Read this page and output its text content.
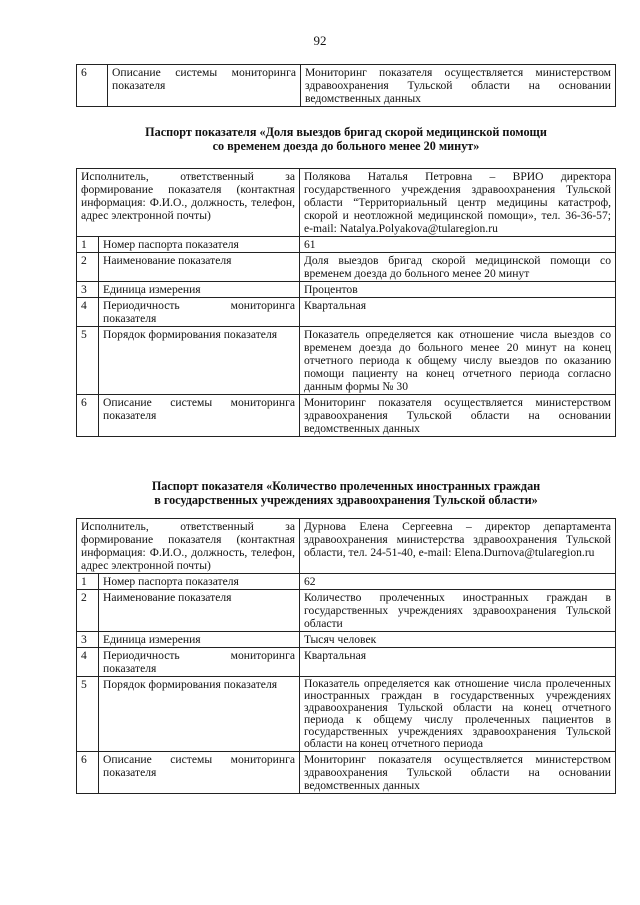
92
6	Описание системы мониторинга показателя	Мониторинг показателя осуществляется министерством здравоохранения Тульской области на основании ведомственных данных
Паспорт показателя «Доля выездов бригад скорой медицинской помощи
со временем доезда до больного менее 20 минут»
Исполнитель, ответственный за формирование показателя (контактная информация: Ф.И.О., должность, телефон, адрес электронной почты)		Полякова Наталья Петровна – ВРИО директора государственного учреждения здравоохранения Тульской области “Территориальный центр медицины катастроф, скорой и неотложной медицинской помощи», тел. 36-36-57; e-mail: Natalya.Polyakova@tularegion.ru
1	Номер паспорта показателя	61
2	Наименование показателя	Доля выездов бригад скорой медицинской помощи со временем доезда до больного менее 20 минут
3	Единица измерения	Процентов
4	Периодичность мониторинга показателя	Квартальная
5	Порядок формирования показателя	Показатель определяется как отношение числа выездов со временем доезда до больного менее 20 минут на конец отчетного периода к общему числу выездов по оказанию помощи пациенту на конец отчетного периода согласно данным формы № 30
6	Описание системы мониторинга показателя	Мониторинг показателя осуществляется министерством здравоохранения Тульской области на основании ведомственных данных
Паспорт показателя «Количество пролеченных иностранных граждан
в государственных учреждениях здравоохранения Тульской области»
Исполнитель, ответственный за формирование показателя (контактная информация: Ф.И.О., должность, телефон, адрес электронной почты)		Дурнова Елена Сергеевна – директор департамента здравоохранения министерства здравоохранения Тульской области, тел. 24-51-40, e-mail: Elena.Durnova@tularegion.ru
1	Номер паспорта показателя	62
2	Наименование показателя	Количество пролеченных иностранных граждан в государственных учреждениях здравоохранения Тульской области
3	Единица измерения	Тысяч человек
4	Периодичность мониторинга показателя	Квартальная
5	Порядок формирования показателя	Показатель определяется как отношение числа пролеченных иностранных граждан в государственных учреждениях здравоохранения Тульской области на конец отчетного периода к общему числу пролеченных пациентов в государственных учреждениях здравоохранения Тульской области на конец отчетного периода
6	Описание системы мониторинга показателя	Мониторинг показателя осуществляется министерством здравоохранения Тульской области на основании ведомственных данных
